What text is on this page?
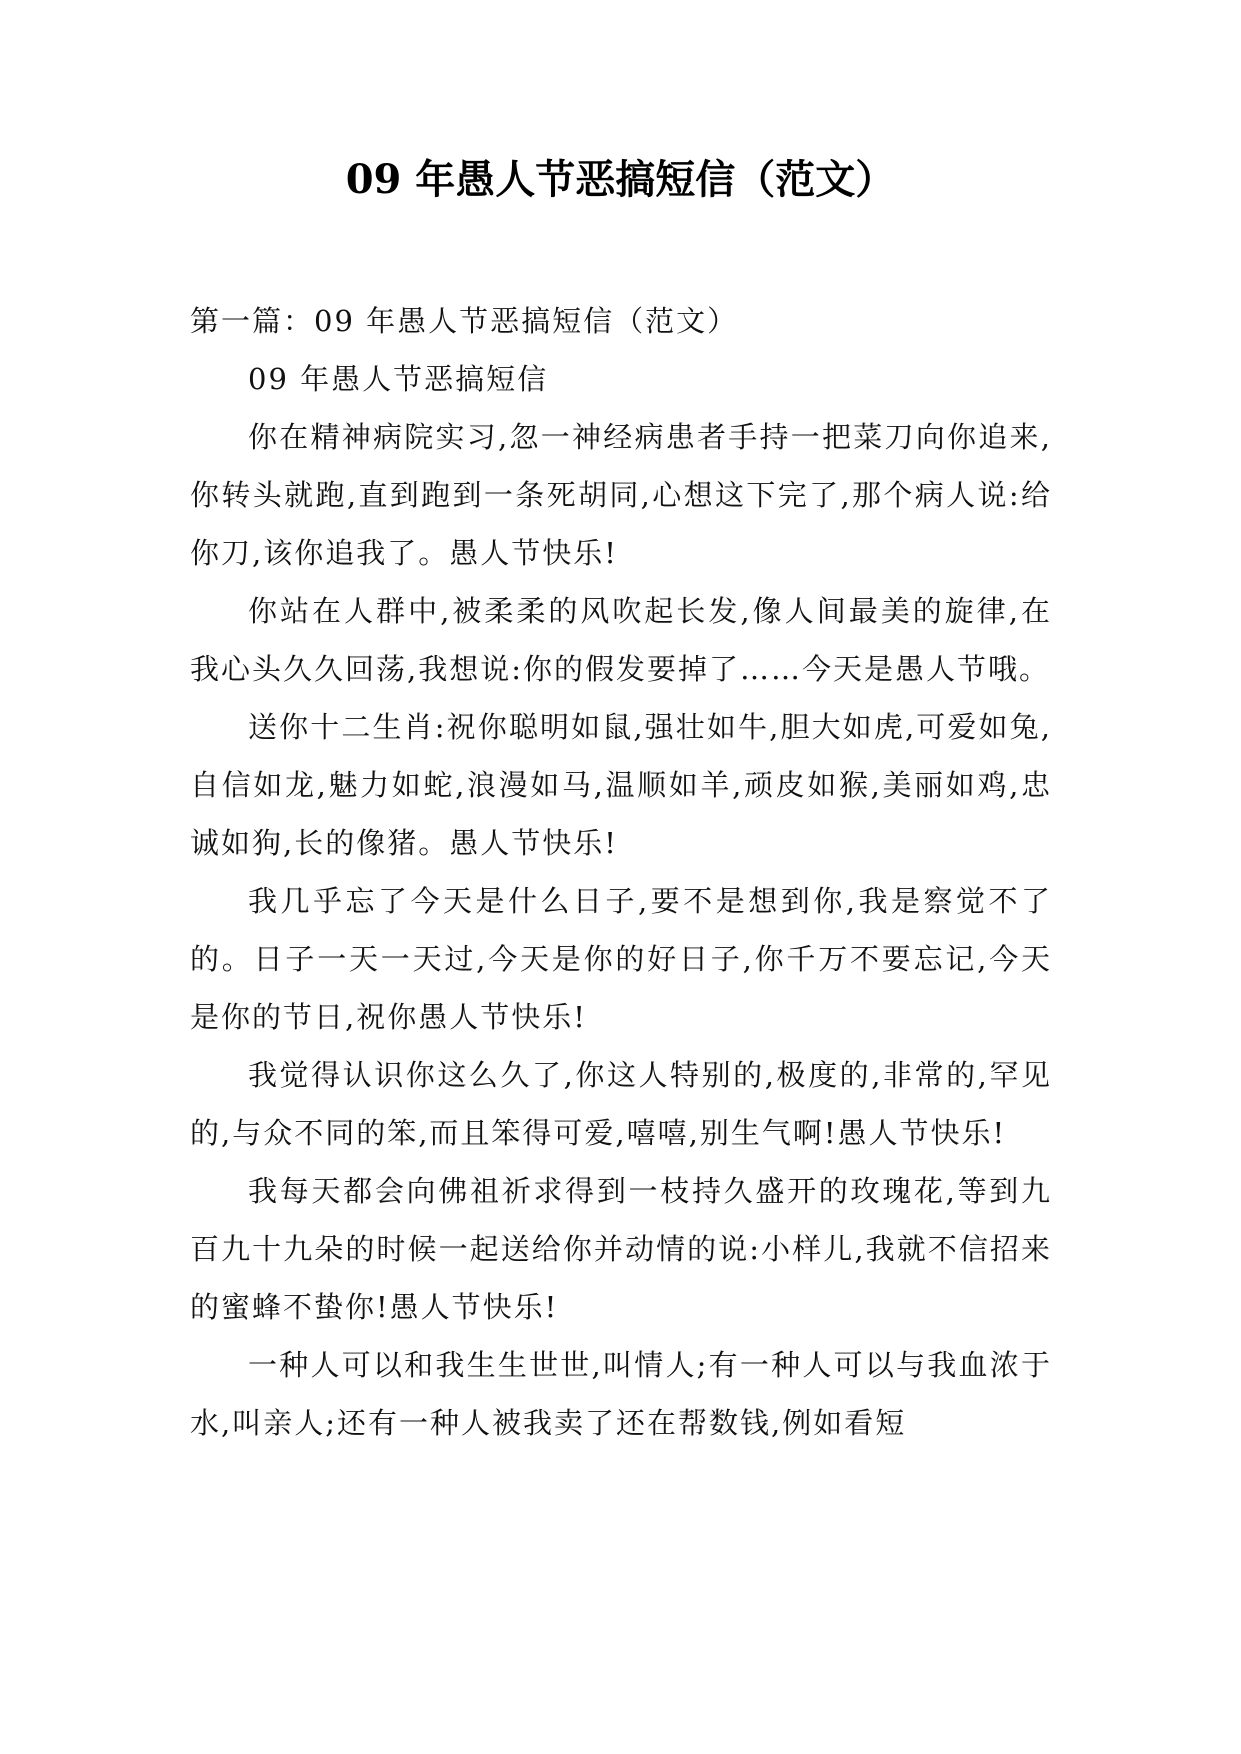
09 年愚人节恶搞短信（范文）

第一篇：09 年愚人节恶搞短信（范文）

09 年愚人节恶搞短信

你在精神病院实习,忽一神经病患者手持一把菜刀向你追来,你转头就跑,直到跑到一条死胡同,心想这下完了,那个病人说:给你刀,该你追我了。愚人节快乐!

你站在人群中,被柔柔的风吹起长发,像人间最美的旋律,在我心头久久回荡,我想说:你的假发要掉了……今天是愚人节哦。

送你十二生肖:祝你聪明如鼠,强壮如牛,胆大如虎,可爱如兔,自信如龙,魅力如蛇,浪漫如马,温顺如羊,顽皮如猴,美丽如鸡,忠诚如狗,长的像猪。愚人节快乐!

我几乎忘了今天是什么日子,要不是想到你,我是察觉不了的。日子一天一天过,今天是你的好日子,你千万不要忘记,今天是你的节日,祝你愚人节快乐!

我觉得认识你这么久了,你这人特别的,极度的,非常的,罕见的,与众不同的笨,而且笨得可爱,嘻嘻,别生气啊!愚人节快乐!

我每天都会向佛祖祈求得到一枝持久盛开的玫瑰花,等到九百九十九朵的时候一起送给你并动情的说:小样儿,我就不信招来的蜜蜂不蛰你!愚人节快乐!

一种人可以和我生生世世,叫情人;有一种人可以与我血浓于水,叫亲人;还有一种人被我卖了还在帮数钱,例如看短
